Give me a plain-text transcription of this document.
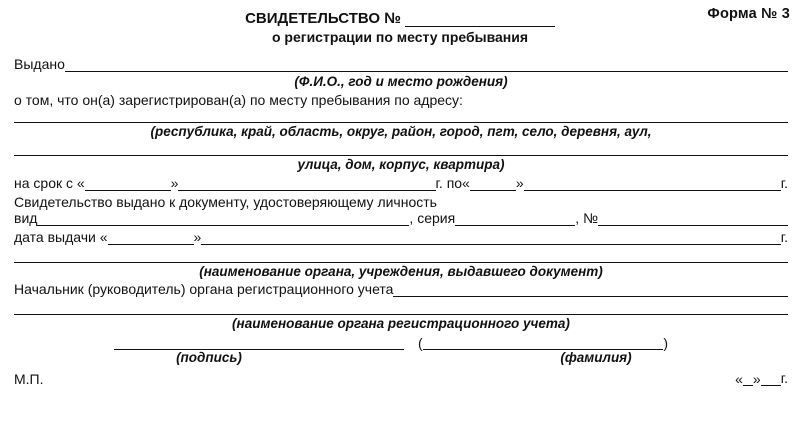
Форма № 3
СВИДЕТЕЛЬСТВО №
о регистрации по месту пребывания
Выдано
(Ф.И.О., год и место рождения)
о том, что он(а) зарегистрирован(а) по месту пребывания по адресу:
(республика, край, область, округ, район, город, пгт, село, деревня, аул,
улица, дом, корпус, квартира)
на срок с «	»	г. по«	»	г.
Свидетельство выдано к документу, удостоверяющему личность
вид	, серия	, №
дата выдачи «	»	г.
(наименование органа, учреждения, выдавшего документ)
Начальник (руководитель) органа регистрационного учета
(наименование органа регистрационного учета)
(	)
(подпись)	(фамилия)
М.П.	« » г.
